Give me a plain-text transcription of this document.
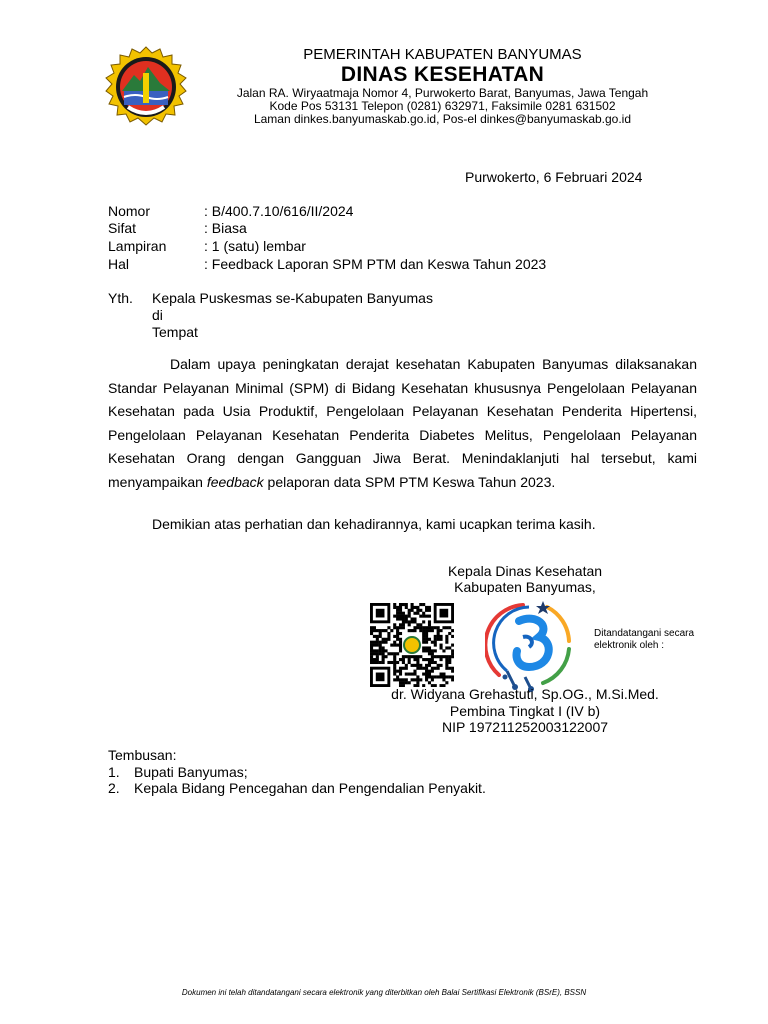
PEMERINTAH KABUPATEN BANYUMAS
DINAS KESEHATAN
Jalan RA. Wiryaatmaja Nomor 4, Purwokerto Barat, Banyumas, Jawa Tengah
Kode Pos 53131 Telepon (0281) 632971, Faksimile 0281 631502
Laman dinkes.banyumaskab.go.id, Pos-el dinkes@banyumaskab.go.id
Purwokerto, 6 Februari 2024
Nomor	: B/400.7.10/616/II/2024
Sifat	: Biasa
Lampiran	: 1 (satu) lembar
Hal	: Feedback Laporan SPM PTM dan Keswa Tahun 2023
Yth. Kepala Puskesmas se-Kabupaten Banyumas
di
Tempat
Dalam upaya peningkatan derajat kesehatan Kabupaten Banyumas dilaksanakan Standar Pelayanan Minimal (SPM) di Bidang Kesehatan khususnya Pengelolaan Pelayanan Kesehatan pada Usia Produktif, Pengelolaan Pelayanan Kesehatan Penderita Hipertensi, Pengelolaan Pelayanan Kesehatan Penderita Diabetes Melitus, Pengelolaan Pelayanan Kesehatan Orang dengan Gangguan Jiwa Berat. Menindaklanjuti hal tersebut, kami menyampaikan feedback pelaporan data SPM PTM Keswa Tahun 2023.
Demikian atas perhatian dan kehadirannya, kami ucapkan terima kasih.
Kepala Dinas Kesehatan
Kabupaten Banyumas,
Ditandatangani secara
elektronik oleh :
dr. Widyana Grehastuti, Sp.OG., M.Si.Med.
Pembina Tingkat I (IV b)
NIP 197211252003122007
Tembusan:
1. Bupati Banyumas;
2. Kepala Bidang Pencegahan dan Pengendalian Penyakit.
Dokumen ini telah ditandatangani secara elektronik yang diterbitkan oleh Balai Sertifikasi Elektronik (BSrE), BSSN
